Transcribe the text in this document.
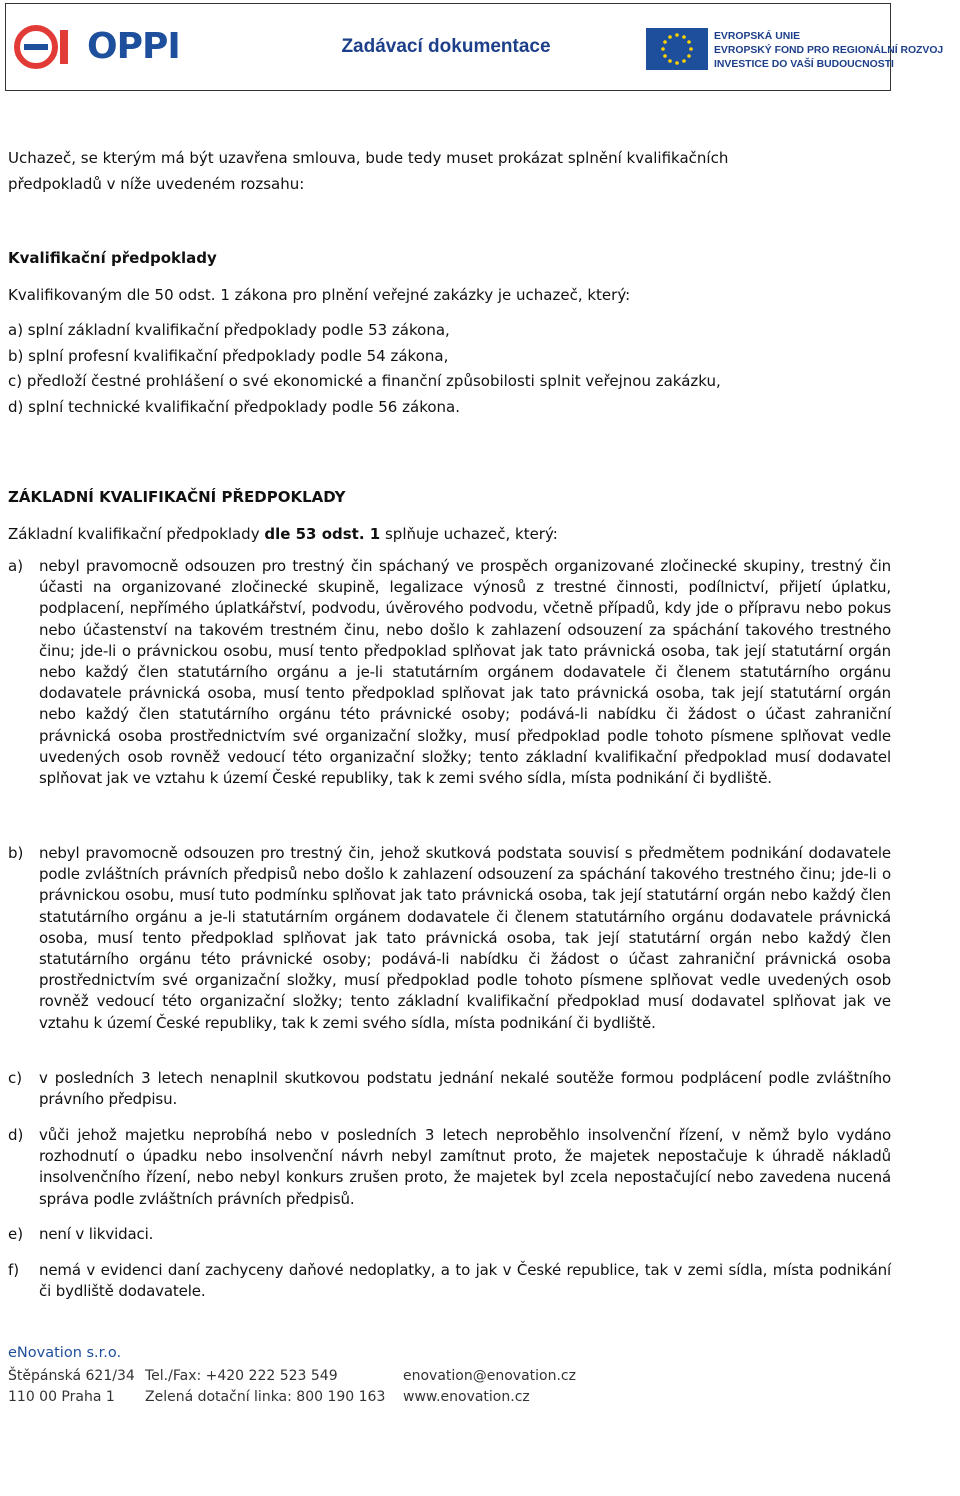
OPPI	Zadávací dokumentace	EVROPSKÁ UNIE
EVROPSKÝ FOND PRO REGIONÁLNÍ ROZVOJ
INVESTICE DO VAŠÍ BUDOUCNOSTI
Uchazeč, se kterým má být uzavřena smlouva, bude tedy muset prokázat splnění kvalifikačních
předpokladů v níže uvedeném rozsahu:
Kvalifikační předpoklady
Kvalifikovaným dle 50 odst. 1 zákona pro plnění veřejné zakázky je uchazeč, který:
a) splní základní kvalifikační předpoklady podle 53 zákona,
b) splní profesní kvalifikační předpoklady podle 54 zákona,
c) předloží čestné prohlášení o své ekonomické a finanční způsobilosti splnit veřejnou zakázku,
d) splní technické kvalifikační předpoklady podle 56 zákona.
ZÁKLADNÍ KVALIFIKAČNÍ PŘEDPOKLADY
Základní kvalifikační předpoklady dle 53 odst. 1 splňuje uchazeč, který:
a) nebyl pravomocně odsouzen pro trestný čin spáchaný ve prospěch organizované zločinecké skupiny, trestný čin účasti na organizované zločinecké skupině, legalizace výnosů z trestné činnosti, podílnictví, přijetí úplatku, podplacení, nepřímého úplatkářství, podvodu, úvěrového podvodu, včetně případů, kdy jde o přípravu nebo pokus nebo účastenství na takovém trestném činu, nebo došlo k zahlazení odsouzení za spáchání takového trestného činu; jde-li o právnickou osobu, musí tento předpoklad splňovat jak tato právnická osoba, tak její statutární orgán nebo každý člen statutárního orgánu a je-li statutárním orgánem dodavatele či členem statutárního orgánu dodavatele právnická osoba, musí tento předpoklad splňovat jak tato právnická osoba, tak její statutární orgán nebo každý člen statutárního orgánu této právnické osoby; podává-li nabídku či žádost o účast zahraniční právnická osoba prostřednictvím své organizační složky, musí předpoklad podle tohoto písmene splňovat vedle uvedených osob rovněž vedoucí této organizační složky; tento základní kvalifikační předpoklad musí dodavatel splňovat jak ve vztahu k území České republiky, tak k zemi svého sídla, místa podnikání či bydliště.
b) nebyl pravomocně odsouzen pro trestný čin, jehož skutková podstata souvisí s předmětem podnikání dodavatele podle zvláštních právních předpisů nebo došlo k zahlazení odsouzení za spáchání takového trestného činu; jde-li o právnickou osobu, musí tuto podmínku splňovat jak tato právnická osoba, tak její statutární orgán nebo každý člen statutárního orgánu a je-li statutárním orgánem dodavatele či členem statutárního orgánu dodavatele právnická osoba, musí tento předpoklad splňovat jak tato právnická osoba, tak její statutární orgán nebo každý člen statutárního orgánu této právnické osoby; podává-li nabídku či žádost o účast zahraniční právnická osoba prostřednictvím své organizační složky, musí předpoklad podle tohoto písmene splňovat vedle uvedených osob rovněž vedoucí této organizační složky; tento základní kvalifikační předpoklad musí dodavatel splňovat jak ve vztahu k území České republiky, tak k zemi svého sídla, místa podnikání či bydliště.
c) v posledních 3 letech nenaplnil skutkovou podstatu jednání nekalé soutěže formou podplácení podle zvláštního právního předpisu.
d) vůči jehož majetku neprobíhá nebo v posledních 3 letech neproběhlo insolvenční řízení, v němž bylo vydáno rozhodnutí o úpadku nebo insolvenční návrh nebyl zamítnut proto, že majetek nepostačuje k úhradě nákladů insolvenčního řízení, nebo nebyl konkurs zrušen proto, že majetek byl zcela nepostačující nebo zavedena nucená správa podle zvláštních právních předpisů.
e) není v likvidaci.
f) nemá v evidenci daní zachyceny daňové nedoplatky, a to jak v České republice, tak v zemi sídla, místa podnikání či bydliště dodavatele.
eNovation s.r.o.
Štěpánská 621/34
110 00 Praha 1
Tel./Fax: +420 222 523 549
Zelená dotační linka: 800 190 163
enovation@enovation.cz
www.enovation.cz
